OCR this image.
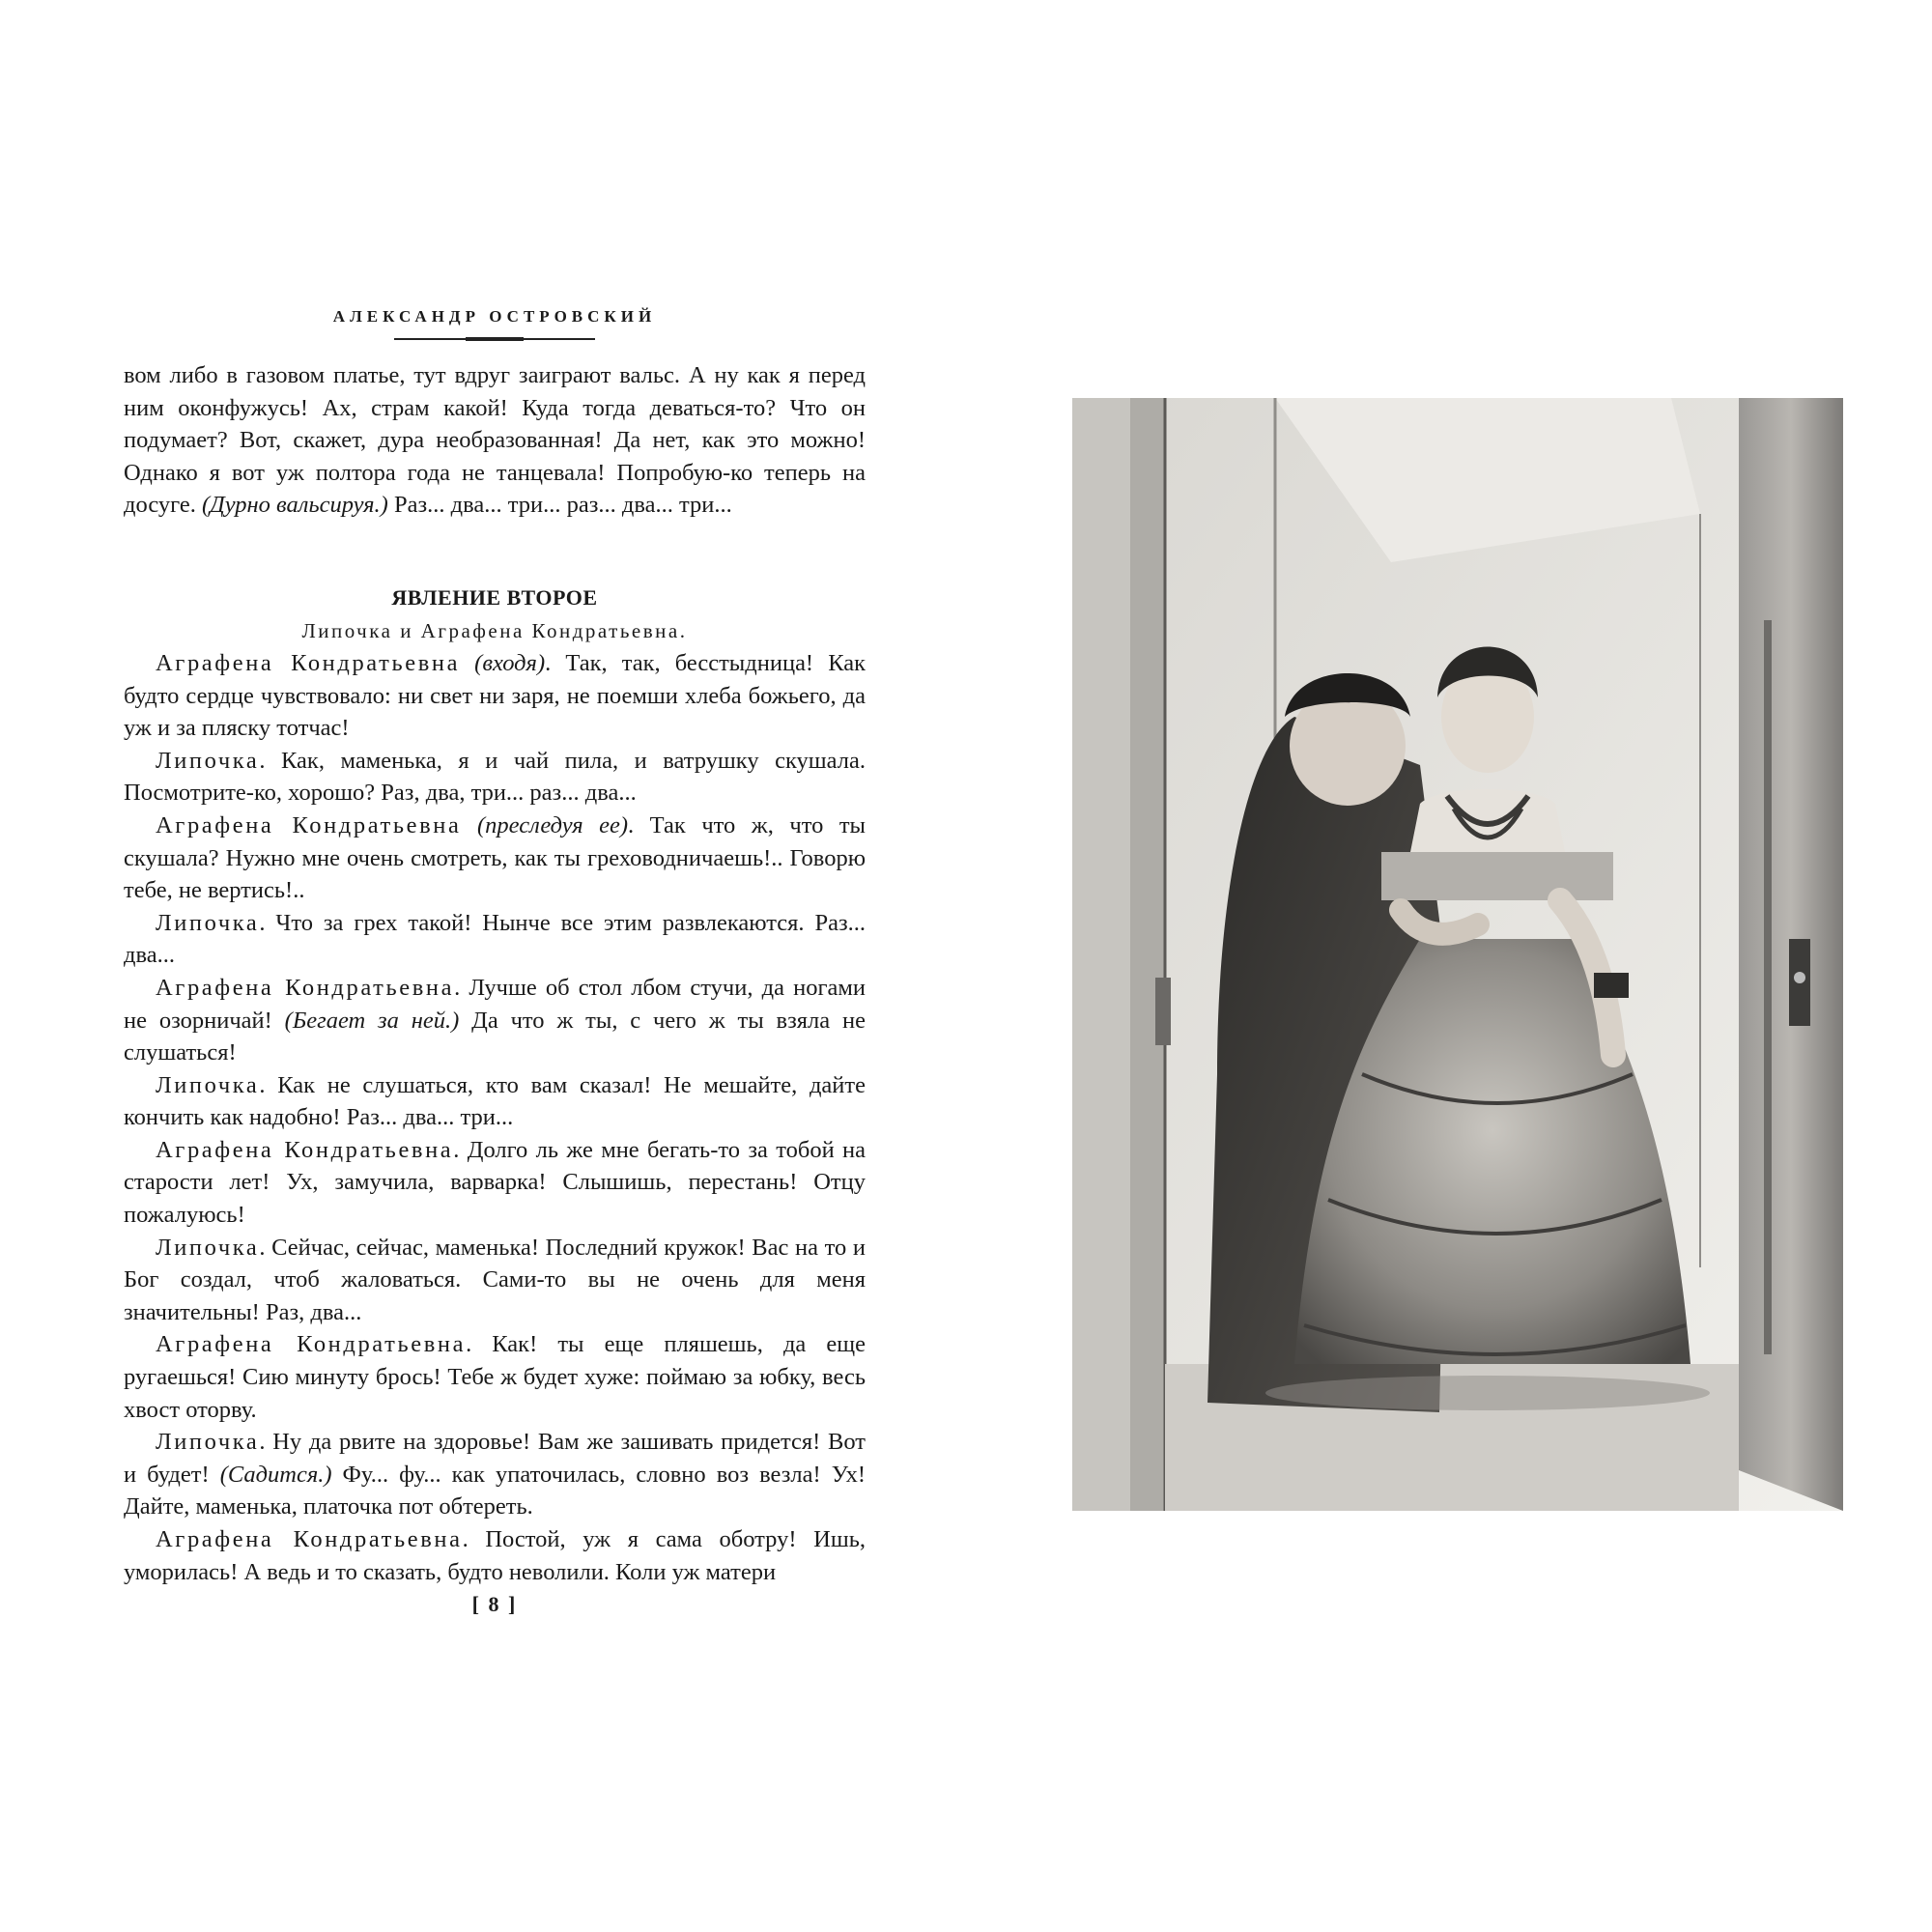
АЛЕКСАНДР ОСТРОВСКИЙ

вом либо в газовом платье, тут вдруг заиграют вальс. А ну как я перед ним оконфужусь! Ах, страм какой! Куда тогда деваться-то? Что он подумает? Вот, скажет, дура необразованная! Да нет, как это можно! Однако я вот уж полтора года не танцевала! Попробую-ко теперь на досуге. (Дурно вальсируя.) Раз... два... три... раз... два... три...

ЯВЛЕНИЕ ВТОРОЕ

Липочка и Аграфена Кондратьевна.

Аграфена Кондратьевна (входя). Так, так, бесстыдница! Как будто сердце чувствовало: ни свет ни заря, не поемши хлеба божьего, да уж и за пляску тотчас!

Липочка. Как, маменька, я и чай пила, и ватрушку скушала. Посмотрите-ко, хорошо? Раз, два, три... раз... два...

Аграфена Кондратьевна (преследуя ее). Так что ж, что ты скушала? Нужно мне очень смотреть, как ты греховодничаешь!.. Говорю тебе, не вертись!..

Липочка. Что за грех такой! Нынче все этим развлекаются. Раз... два...

Аграфена Кондратьевна. Лучше об стол лбом стучи, да ногами не озорничай! (Бегает за ней.) Да что ж ты, с чего ж ты взяла не слушаться!

Липочка. Как не слушаться, кто вам сказал! Не мешайте, дайте кончить как надобно! Раз... два... три...

Аграфена Кондратьевна. Долго ль же мне бегать-то за тобой на старости лет! Ух, замучила, варварка! Слышишь, перестань! Отцу пожалуюсь!

Липочка. Сейчас, сейчас, маменька! Последний кружок! Вас на то и Бог создал, чтоб жаловаться. Сами-то вы не очень для меня значительны! Раз, два...

Аграфена Кондратьевна. Как! ты еще пляшешь, да еще ругаешься! Сию минуту брось! Тебе ж будет хуже: поймаю за юбку, весь хвост оторву.

Липочка. Ну да рвите на здоровье! Вам же зашивать придется! Вот и будет! (Садится.) Фу... фу... как упаточилась, словно воз везла! Ух! Дайте, маменька, платочка пот обтереть.

Аграфена Кондратьевна. Постой, уж я сама оботру! Ишь, уморилась! А ведь и то сказать, будто неволили. Коли уж матери

[ 8 ]
